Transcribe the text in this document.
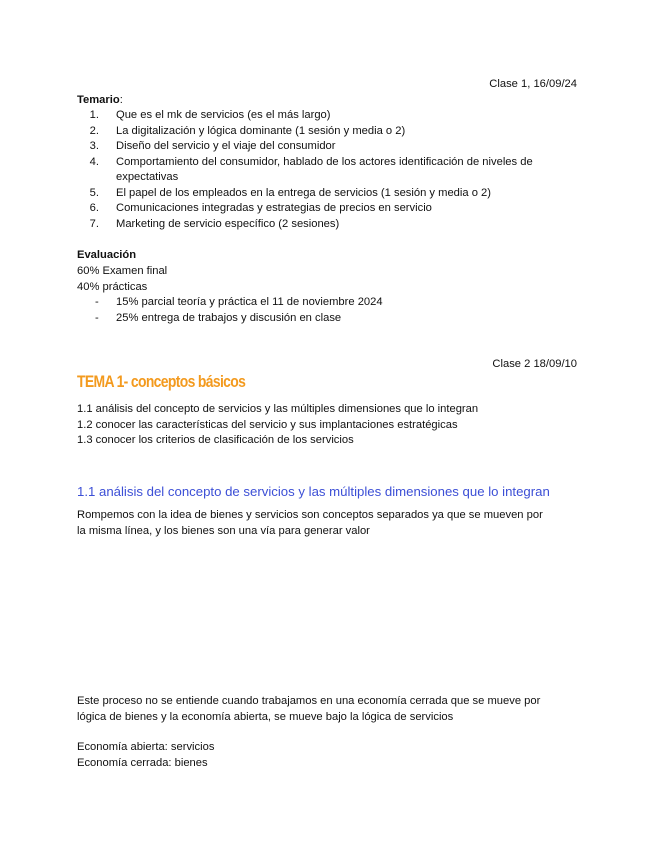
Clase 1, 16/09/24
Temario:
1. Que es el mk de servicios (es el más largo)
2. La digitalización y lógica dominante (1 sesión y media o 2)
3. Diseño del servicio y el viaje del consumidor
4. Comportamiento del consumidor, hablado de los actores identificación de niveles de
expectativas
5. El papel de los empleados en la entrega de servicios (1 sesión y media o 2)
6. Comunicaciones integradas y estrategias de precios en servicio
7. Marketing de servicio específico (2 sesiones)
Evaluación
60% Examen final
40% prácticas
- 15% parcial teoría y práctica el 11 de noviembre 2024
- 25% entrega de trabajos y discusión en clase
Clase 2 18/09/10
TEMA 1- conceptos básicos
1.1 análisis del concepto de servicios y las múltiples dimensiones que lo integran
1.2 conocer las características del servicio y sus implantaciones estratégicas
1.3 conocer los criterios de clasificación de los servicios
1.1 análisis del concepto de servicios y las múltiples dimensiones que lo integran
Rompemos con la idea de bienes y servicios son conceptos separados ya que se mueven por
la misma línea, y los bienes son una vía para generar valor
Este proceso no se entiende cuando trabajamos en una economía cerrada que se mueve por
lógica de bienes y la economía abierta, se mueve bajo la lógica de servicios
Economía abierta: servicios
Economía cerrada: bienes
